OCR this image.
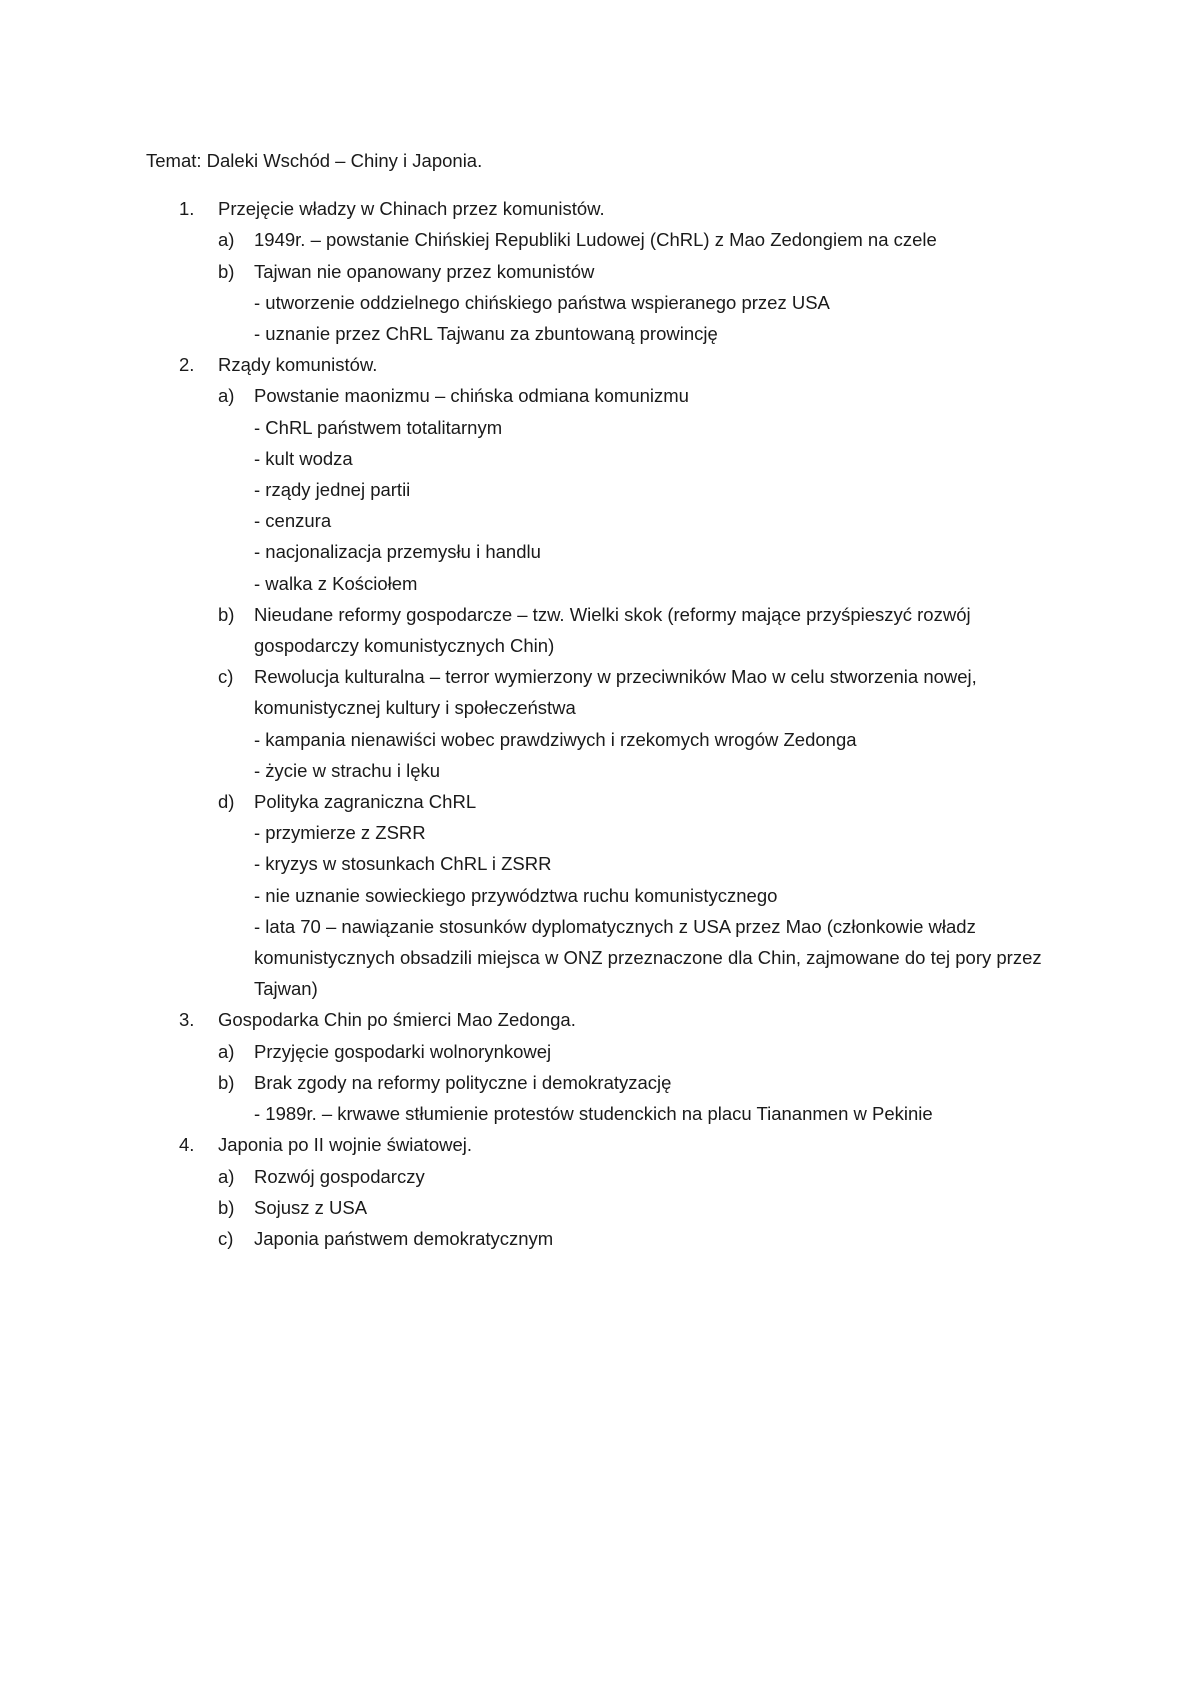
Temat: Daleki Wschód – Chiny i Japonia.

1. Przejęcie władzy w Chinach przez komunistów.
a) 1949r. – powstanie Chińskiej Republiki Ludowej (ChRL) z Mao Zedongiem na czele
b) Tajwan nie opanowany przez komunistów
- utworzenie oddzielnego chińskiego państwa wspieranego przez USA
- uznanie przez ChRL Tajwanu za zbuntowaną prowincję
2. Rządy komunistów.
a) Powstanie maonizmu – chińska odmiana komunizmu
- ChRL państwem totalitarnym
- kult wodza
- rządy jednej partii
- cenzura
- nacjonalizacja przemysłu i handlu
- walka z Kościołem
b) Nieudane reformy gospodarcze – tzw. Wielki skok (reformy mające przyśpieszyć rozwój gospodarczy komunistycznych Chin)
c) Rewolucja kulturalna – terror wymierzony w przeciwników Mao w celu stworzenia nowej, komunistycznej kultury i społeczeństwa
- kampania nienawiści wobec prawdziwych i rzekomych wrogów Zedonga
- życie w strachu i lęku
d) Polityka zagraniczna ChRL
- przymierze z ZSRR
- kryzys w stosunkach ChRL i ZSRR
- nie uznanie sowieckiego przywództwa ruchu komunistycznego
- lata 70 – nawiązanie stosunków dyplomatycznych z USA przez Mao (członkowie władz komunistycznych obsadzili miejsca w ONZ przeznaczone dla Chin, zajmowane do tej pory przez Tajwan)
3. Gospodarka Chin po śmierci Mao Zedonga.
a) Przyjęcie gospodarki wolnorynkowej
b) Brak zgody na reformy polityczne i demokratyzację
- 1989r. – krwawe stłumienie protestów studenckich na placu Tiananmen w Pekinie
4. Japonia po II wojnie światowej.
a) Rozwój gospodarczy
b) Sojusz z USA
c) Japonia państwem demokratycznym
